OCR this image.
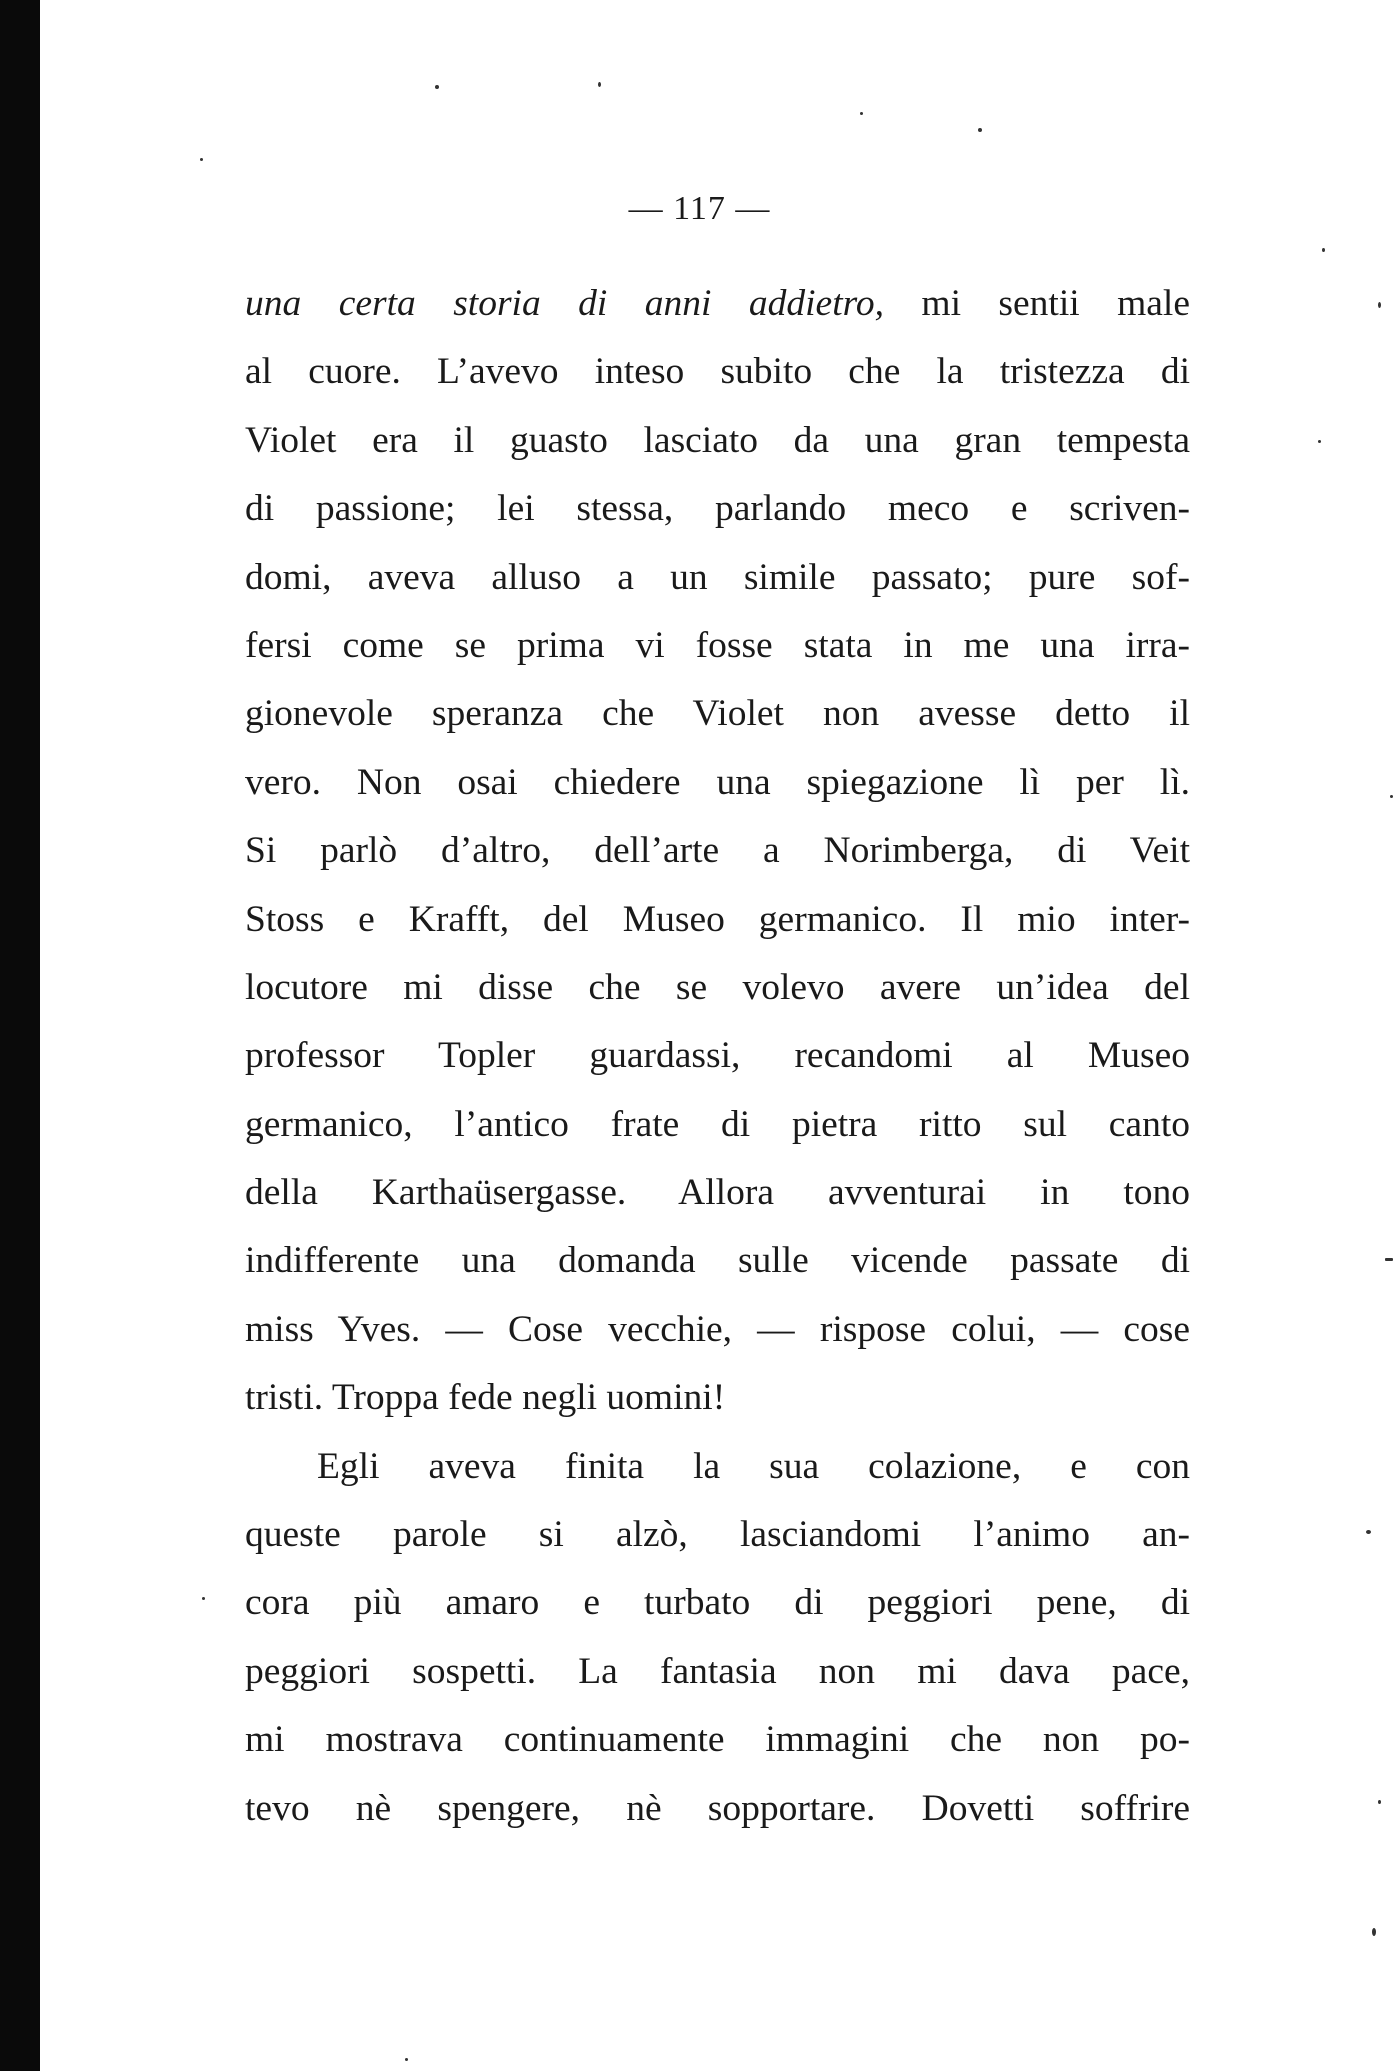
— 117 —
una certa storia di anni addietro, mi sentii male
al cuore. L’avevo inteso subito che la tristezza di
Violet era il guasto lasciato da una gran tempesta
di passione; lei stessa, parlando meco e scriven-
domi, aveva alluso a un simile passato; pure sof-
fersi come se prima vi fosse stata in me una irra-
gionevole speranza che Violet non avesse detto il
vero. Non osai chiedere una spiegazione lì per lì.
Si parlò d’altro, dell’arte a Norimberga, di Veit
Stoss e Krafft, del Museo germanico. Il mio inter-
locutore mi disse che se volevo avere un’idea del
professor Topler guardassi, recandomi al Museo
germanico, l’antico frate di pietra ritto sul canto
della Karthaüsergasse. Allora avventurai in tono
indifferente una domanda sulle vicende passate di
miss Yves. — Cose vecchie, — rispose colui, — cose
tristi. Troppa fede negli uomini!
Egli aveva finita la sua colazione, e con
queste parole si alzò, lasciandomi l’animo an-
cora più amaro e turbato di peggiori pene, di
peggiori sospetti. La fantasia non mi dava pace,
mi mostrava continuamente immagini che non po-
tevo nè spengere, nè sopportare. Dovetti soffrire
